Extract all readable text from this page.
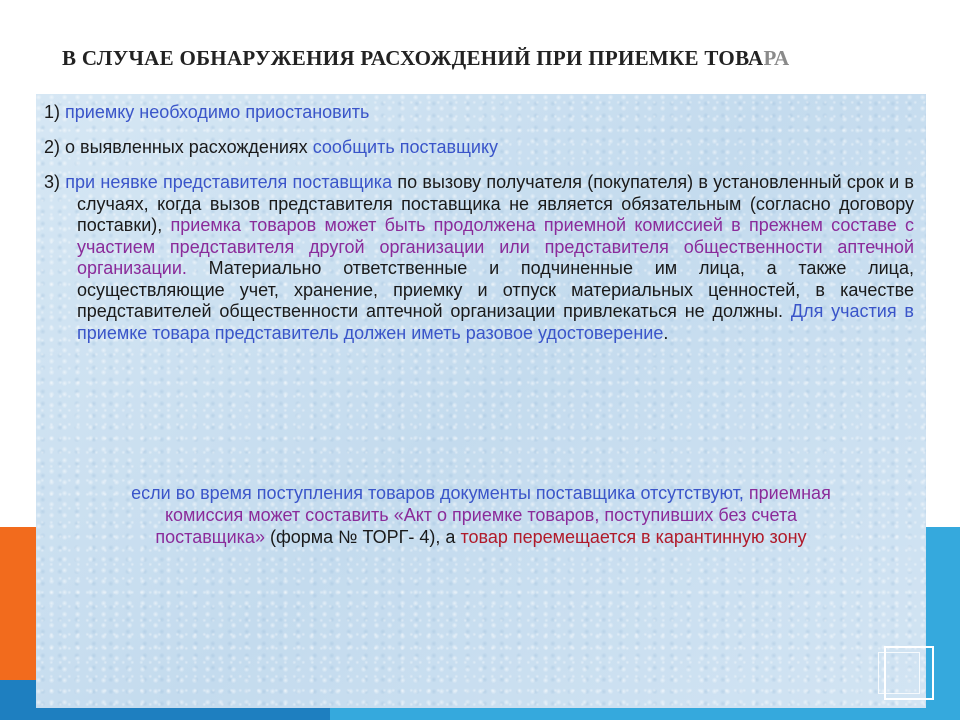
В СЛУЧАЕ ОБНАРУЖЕНИЯ РАСХОЖДЕНИЙ ПРИ ПРИЕМКЕ ТОВАРА
1) приемку необходимо приостановить
2) о выявленных расхождениях сообщить поставщику
3) при неявке представителя поставщика по вызову получателя (покупателя) в установленный срок и в случаях, когда вызов представителя поставщика не является обязательным (согласно договору поставки), приемка товаров может быть продолжена приемной комиссией в прежнем составе с участием представителя другой организации или представителя общественности аптечной организации. Материально ответственные и подчиненные им лица, а также лица, осуществляющие учет, хранение, приемку и отпуск материальных ценностей, в качестве представителей общественности аптечной организации привлекаться не должны. Для участия в приемке товара представитель должен иметь разовое удостоверение.
если во время поступления товаров документы поставщика отсутствуют, приемная комиссия может составить «Акт о приемке товаров, поступивших без счета поставщика» (форма № ТОРГ- 4), а товар перемещается в карантинную зону
